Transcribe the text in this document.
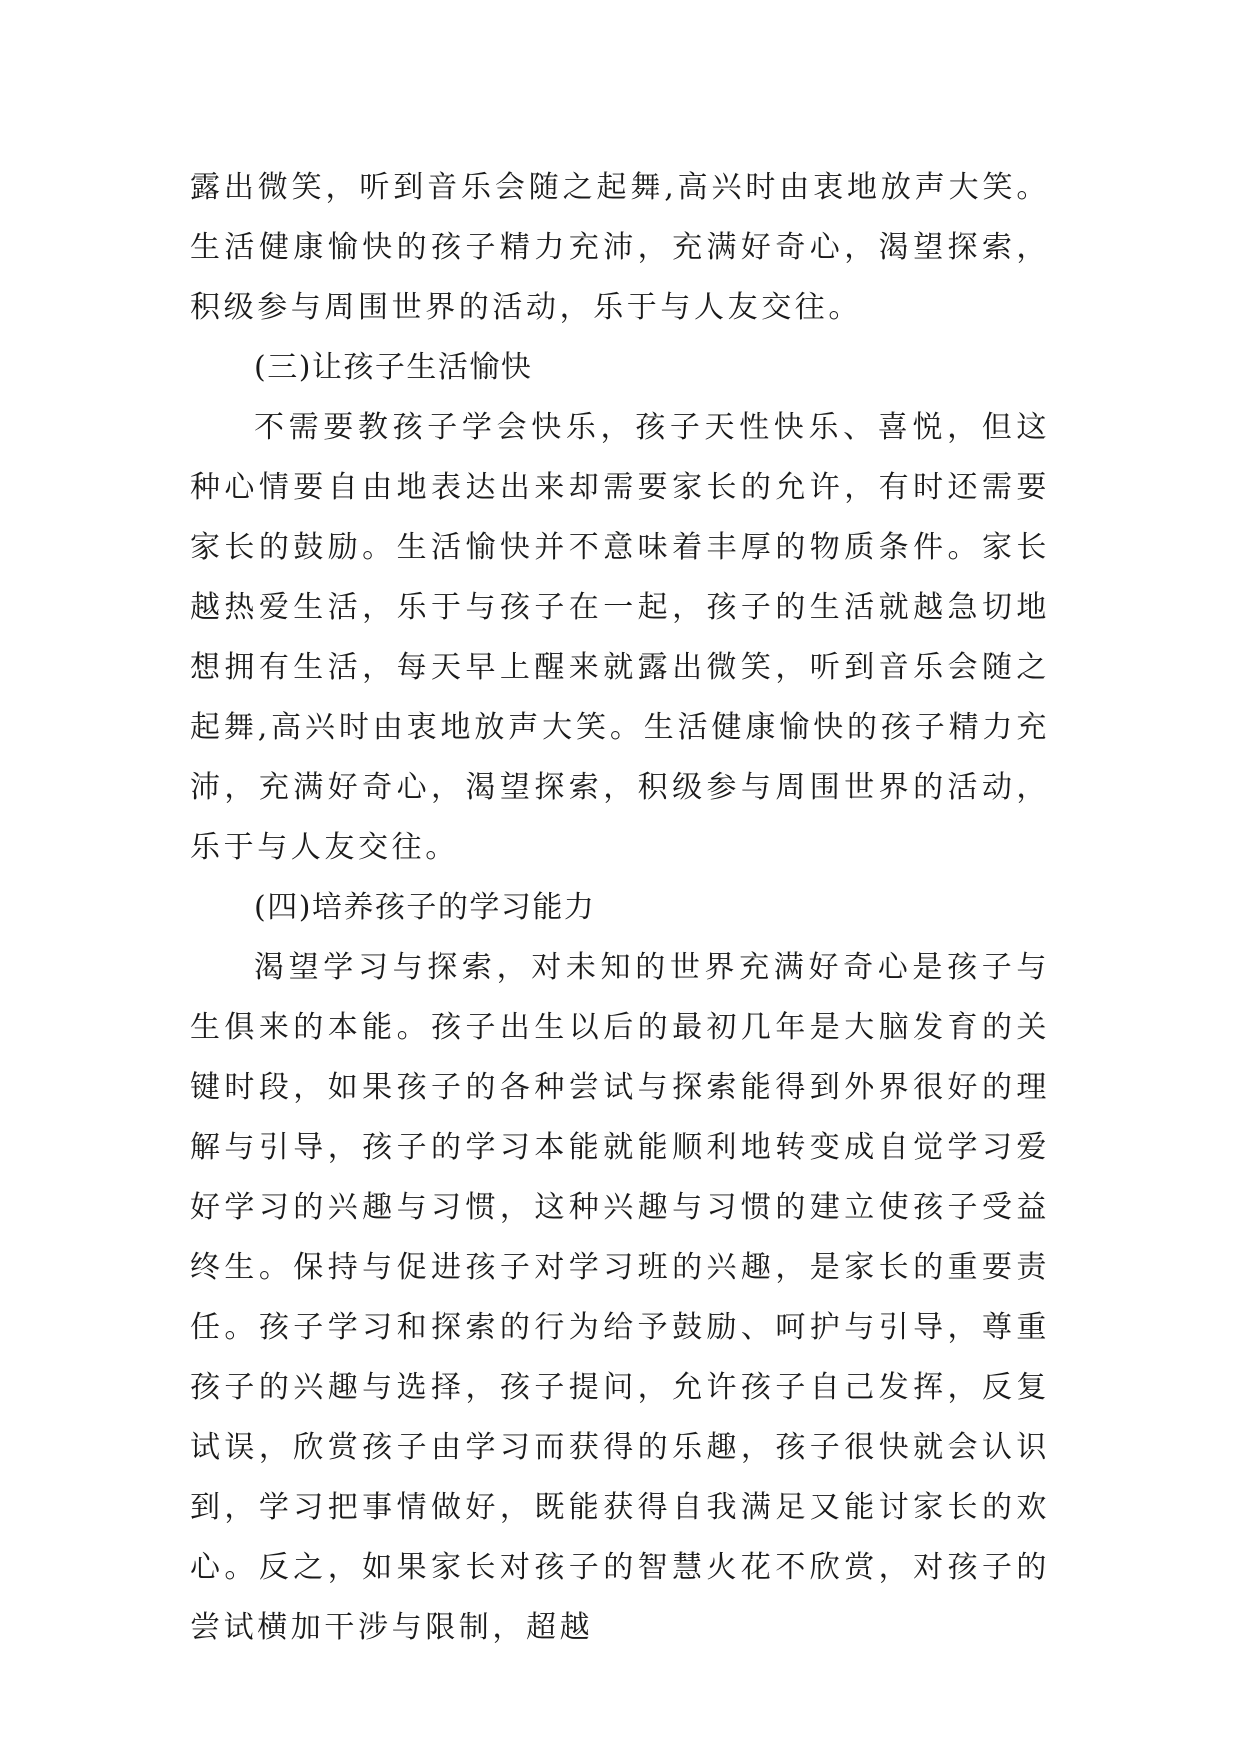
露出微笑，听到音乐会随之起舞,高兴时由衷地放声大笑。生活健康愉快的孩子精力充沛，充满好奇心，渴望探索，积级参与周围世界的活动，乐于与人友交往。

(三)让孩子生活愉快

不需要教孩子学会快乐，孩子天性快乐、喜悦，但这种心情要自由地表达出来却需要家长的允许，有时还需要家长的鼓励。生活愉快并不意味着丰厚的物质条件。家长越热爱生活，乐于与孩子在一起，孩子的生活就越急切地想拥有生活，每天早上醒来就露出微笑，听到音乐会随之起舞,高兴时由衷地放声大笑。生活健康愉快的孩子精力充沛，充满好奇心，渴望探索，积级参与周围世界的活动，乐于与人友交往。

(四)培养孩子的学习能力

渴望学习与探索，对未知的世界充满好奇心是孩子与生俱来的本能。孩子出生以后的最初几年是大脑发育的关键时段，如果孩子的各种尝试与探索能得到外界很好的理解与引导，孩子的学习本能就能顺利地转变成自觉学习爱好学习的兴趣与习惯，这种兴趣与习惯的建立使孩子受益终生。保持与促进孩子对学习班的兴趣，是家长的重要责任。孩子学习和探索的行为给予鼓励、呵护与引导，尊重孩子的兴趣与选择，孩子提问，允许孩子自己发挥，反复试误，欣赏孩子由学习而获得的乐趣，孩子很快就会认识到，学习把事情做好，既能获得自我满足又能讨家长的欢心。反之，如果家长对孩子的智慧火花不欣赏，对孩子的尝试横加干涉与限制，超越
